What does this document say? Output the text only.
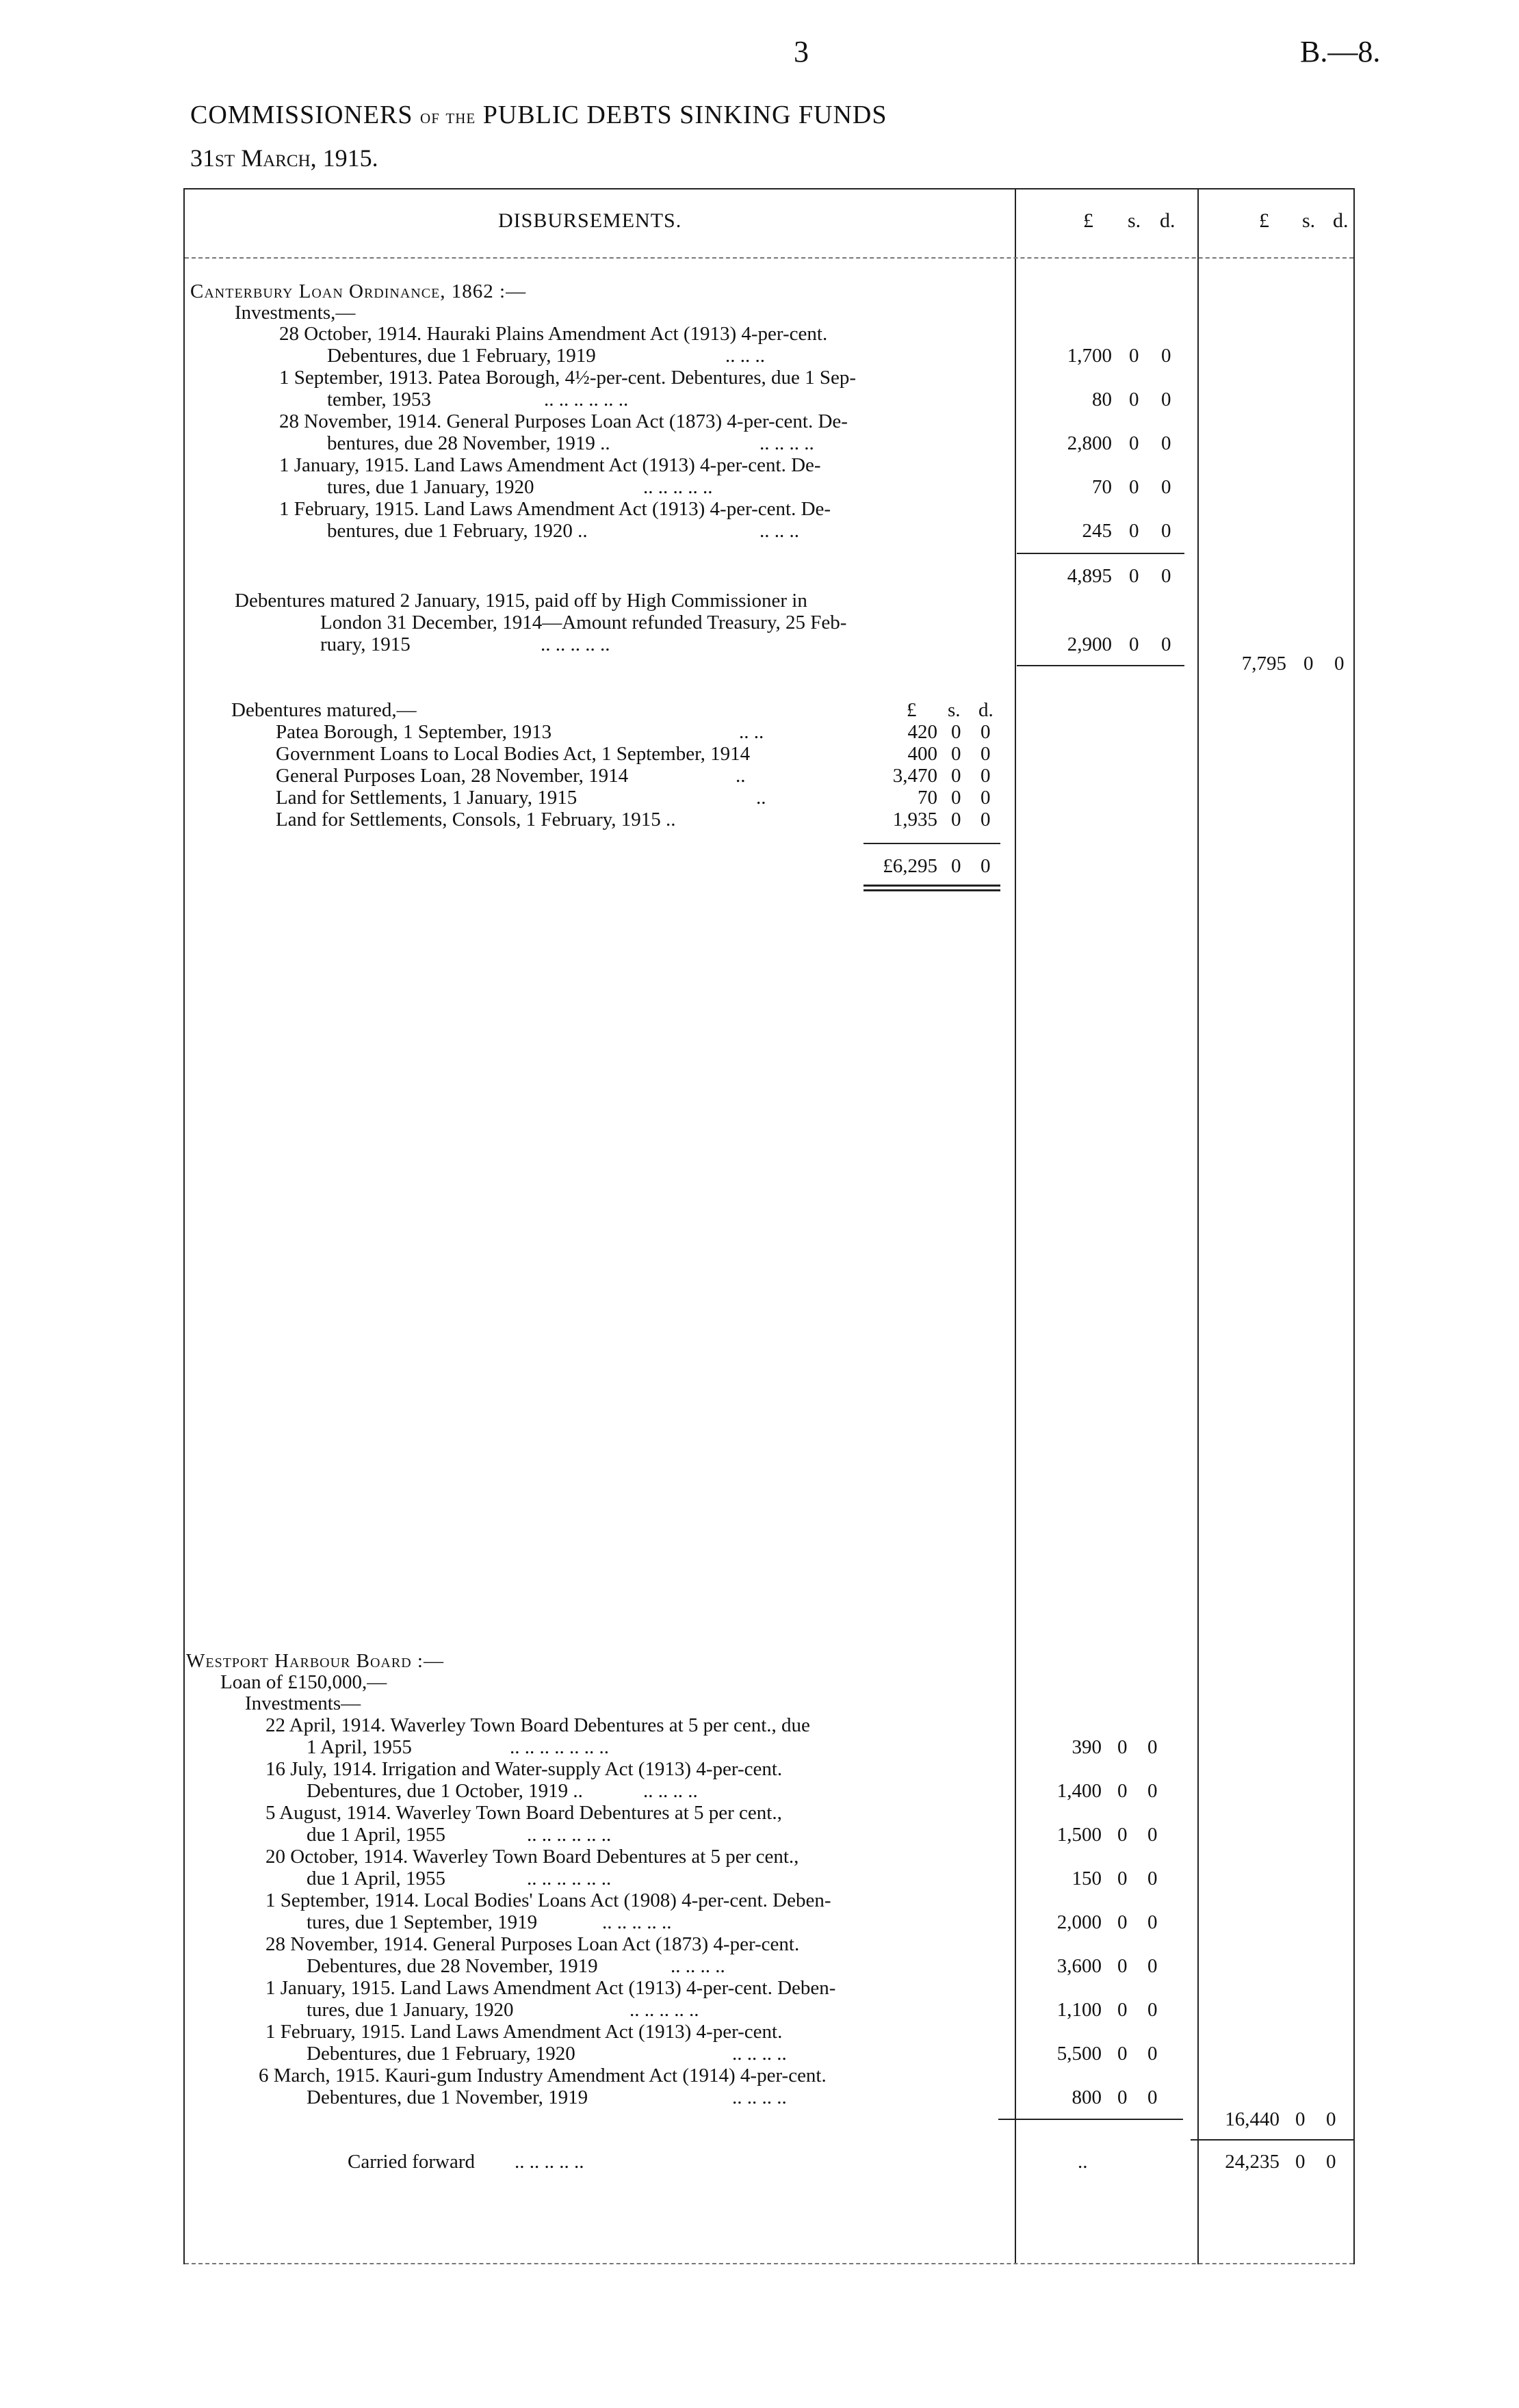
3	B.—8.
COMMISSIONERS of the PUBLIC DEBTS SINKING FUNDS
31st March, 1915.
DISBURSEMENTS.	£ s. d.	£ s. d.
Canterbury Loan Ordinance, 1862 :—
Investments,—
28 October, 1914. Hauraki Plains Amendment Act (1913) 4-per-cent.
Debentures, due 1 February, 1919	.. .. ..	1,700 0 0
1 September, 1913. Patea Borough, 4½-per-cent. Debentures, due 1 Sep-
tember, 1953	.. .. .. .. .. ..	80 0 0
28 November, 1914. General Purposes Loan Act (1873) 4-per-cent. De-
bentures, due 28 November, 1919 ..	.. .. .. ..	2,800 0 0
1 January, 1915. Land Laws Amendment Act (1913) 4-per-cent. De-
tures, due 1 January, 1920	.. .. .. .. ..	70 0 0
1 February, 1915. Land Laws Amendment Act (1913) 4-per-cent. De-
bentures, due 1 February, 1920 ..	.. .. ..	245 0 0
4,895 0 0
Debentures matured 2 January, 1915, paid off by High Commissioner in
London 31 December, 1914—Amount refunded Treasury, 25 Feb-
ruary, 1915	.. .. .. .. ..	2,900 0 0
7,795 0 0
Debentures matured,—	£ s. d.
Patea Borough, 1 September, 1913	.. ..	420 0 0
Government Loans to Local Bodies Act, 1 September, 1914	400 0 0
General Purposes Loan, 28 November, 1914	..	3,470 0 0
Land for Settlements, 1 January, 1915	..	70 0 0
Land for Settlements, Consols, 1 February, 1915 ..	1,935 0 0
£6,295 0 0
Westport Harbour Board :—
Loan of £150,000,—
Investments—
22 April, 1914. Waverley Town Board Debentures at 5 per cent., due
1 April, 1955	.. .. .. .. .. .. ..	390 0 0
16 July, 1914. Irrigation and Water-supply Act (1913) 4-per-cent.
Debentures, due 1 October, 1919 ..	.. .. .. ..	1,400 0 0
5 August, 1914. Waverley Town Board Debentures at 5 per cent.,
due 1 April, 1955	.. .. .. .. .. ..	1,500 0 0
20 October, 1914. Waverley Town Board Debentures at 5 per cent.,
due 1 April, 1955	.. .. .. .. .. ..	150 0 0
1 September, 1914. Local Bodies' Loans Act (1908) 4-per-cent. Deben-
tures, due 1 September, 1919	.. .. .. .. ..	2,000 0 0
28 November, 1914. General Purposes Loan Act (1873) 4-per-cent.
Debentures, due 28 November, 1919	.. .. .. ..	3,600 0 0
1 January, 1915. Land Laws Amendment Act (1913) 4-per-cent. Deben-
tures, due 1 January, 1920	.. .. .. .. ..	1,100 0 0
1 February, 1915. Land Laws Amendment Act (1913) 4-per-cent.
Debentures, due 1 February, 1920	.. .. .. ..	5,500 0 0
6 March, 1915. Kauri-gum Industry Amendment Act (1914) 4-per-cent.
Debentures, due 1 November, 1919	.. .. .. ..	800 0 0
16,440 0 0
Carried forward .. .. .. .. ..	..	24,235 0 0
